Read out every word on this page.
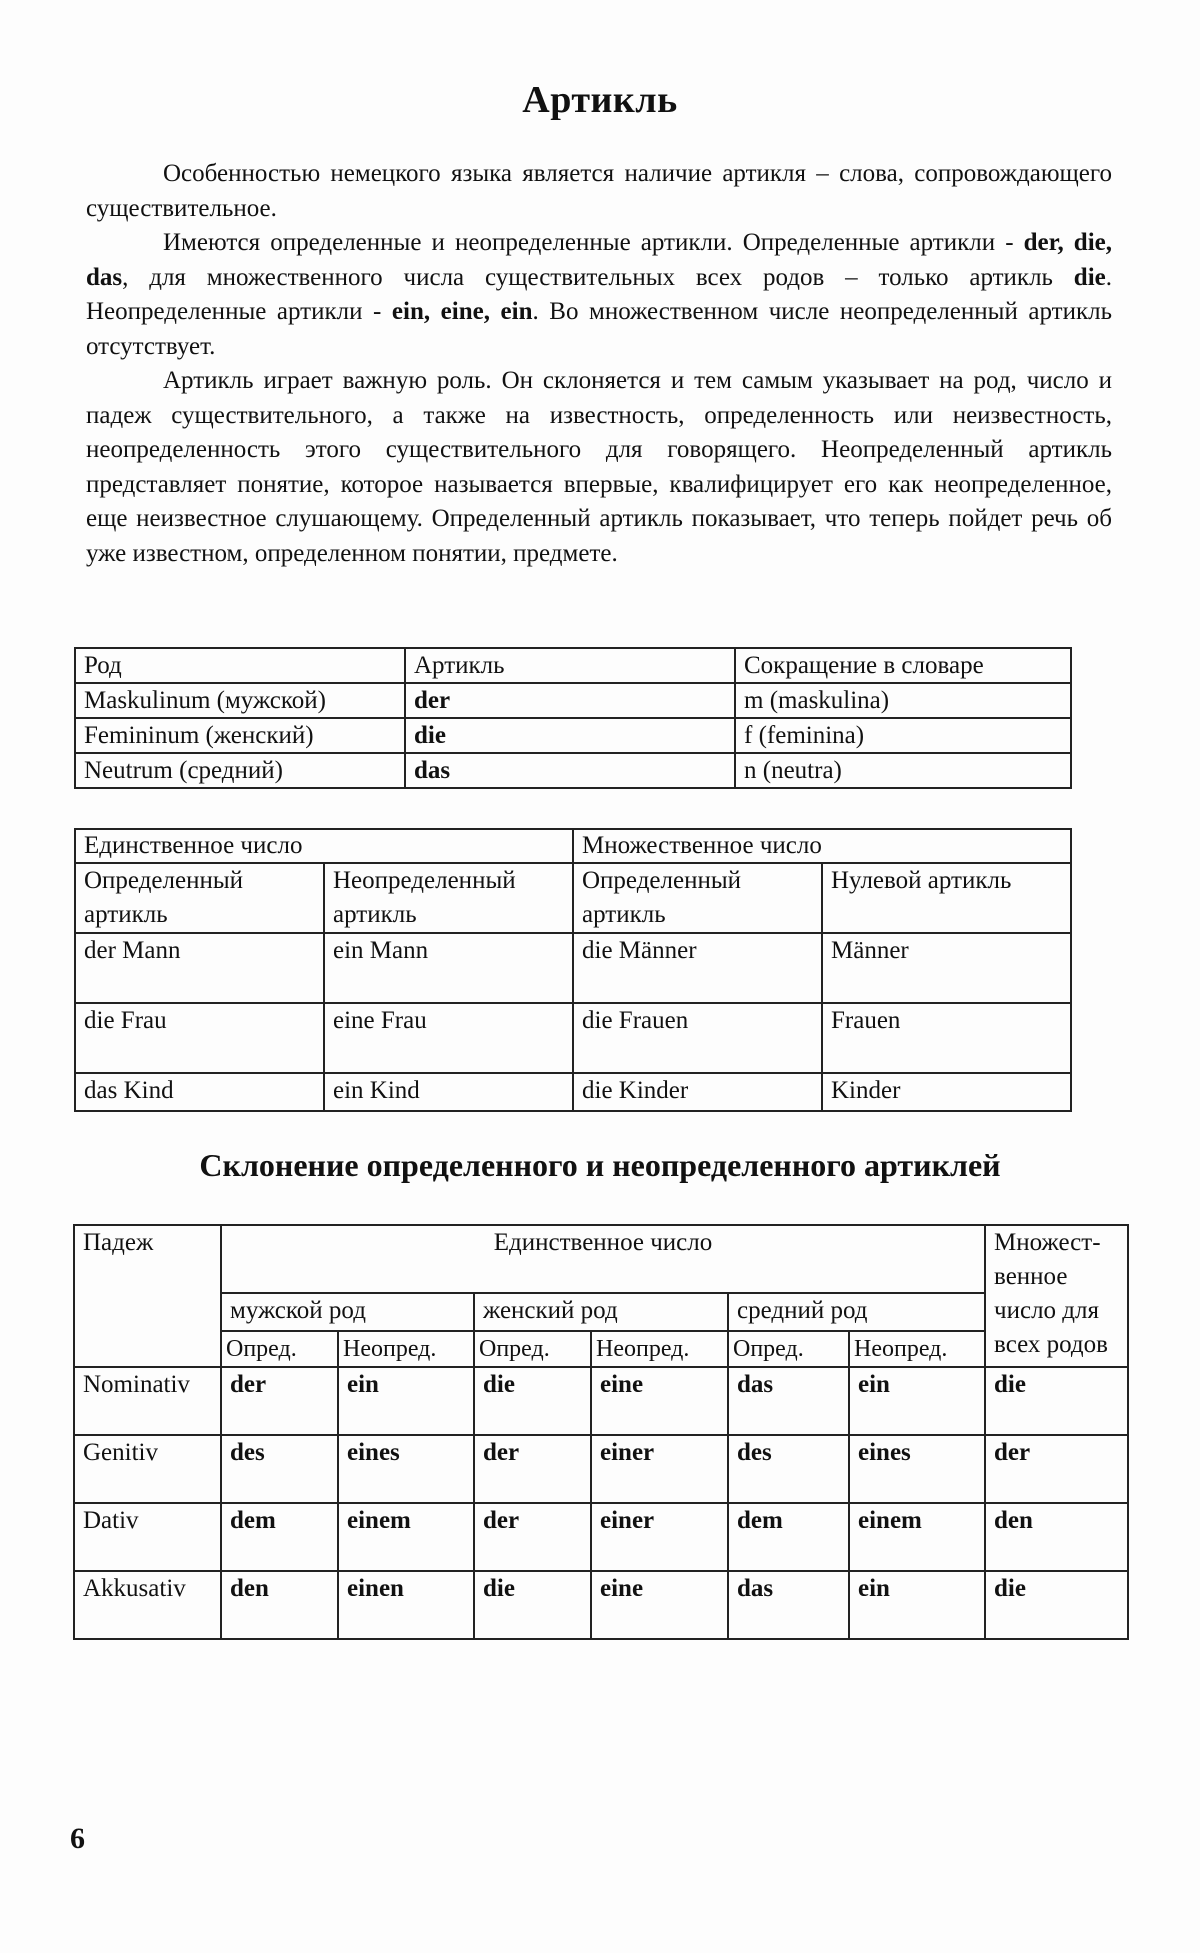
Артикль

Особенностью немецкого языка является наличие артикля – слова, сопровождающего существительное.

Имеются определенные и неопределенные артикли. Определенные артикли - der, die, das, для множественного числа существительных всех родов – только артикль die. Неопределенные артикли - ein, eine, ein. Во множественном числе неопределенный артикль отсутствует.

Артикль играет важную роль. Он склоняется и тем самым указывает на род, число и падеж существительного, а также на известность, определенность или неизвестность, неопределенность этого существительного для говорящего. Неопределенный артикль представляет понятие, которое называется впервые, квалифицирует его как неопределенное, еще неизвестное слушающему. Определенный артикль показывает, что теперь пойдет речь об уже известном, определенном понятии, предмете.

Род	Артикль	Сокращение в словаре
Maskulinum (мужской)	der	m (maskulina)
Femininum (женский)	die	f (feminina)
Neutrum (средний)	das	n (neutra)
Единственное число		Множественное число	
Определенный артикль	Неопределенный артикль	Определенный артикль	Нулевой артикль
der Mann	ein Mann	die Männer	Männer
die Frau	eine Frau	die Frauen	Frauen
das Kind	ein Kind	die Kinder	Kinder
Склонение определенного и неопределенного артиклей
Падеж	Единственное число						Множест-венное число для всех родов
	мужской род		женский род		средний род		
	Опред.	Неопред.	Опред.	Неопред.	Опред.	Неопред.	
Nominativ	der	ein	die	eine	das	ein	die
Genitiv	des	eines	der	einer	des	eines	der
Dativ	dem	einem	der	einer	dem	einem	den
Akkusativ	den	einen	die	eine	das	ein	die
6
